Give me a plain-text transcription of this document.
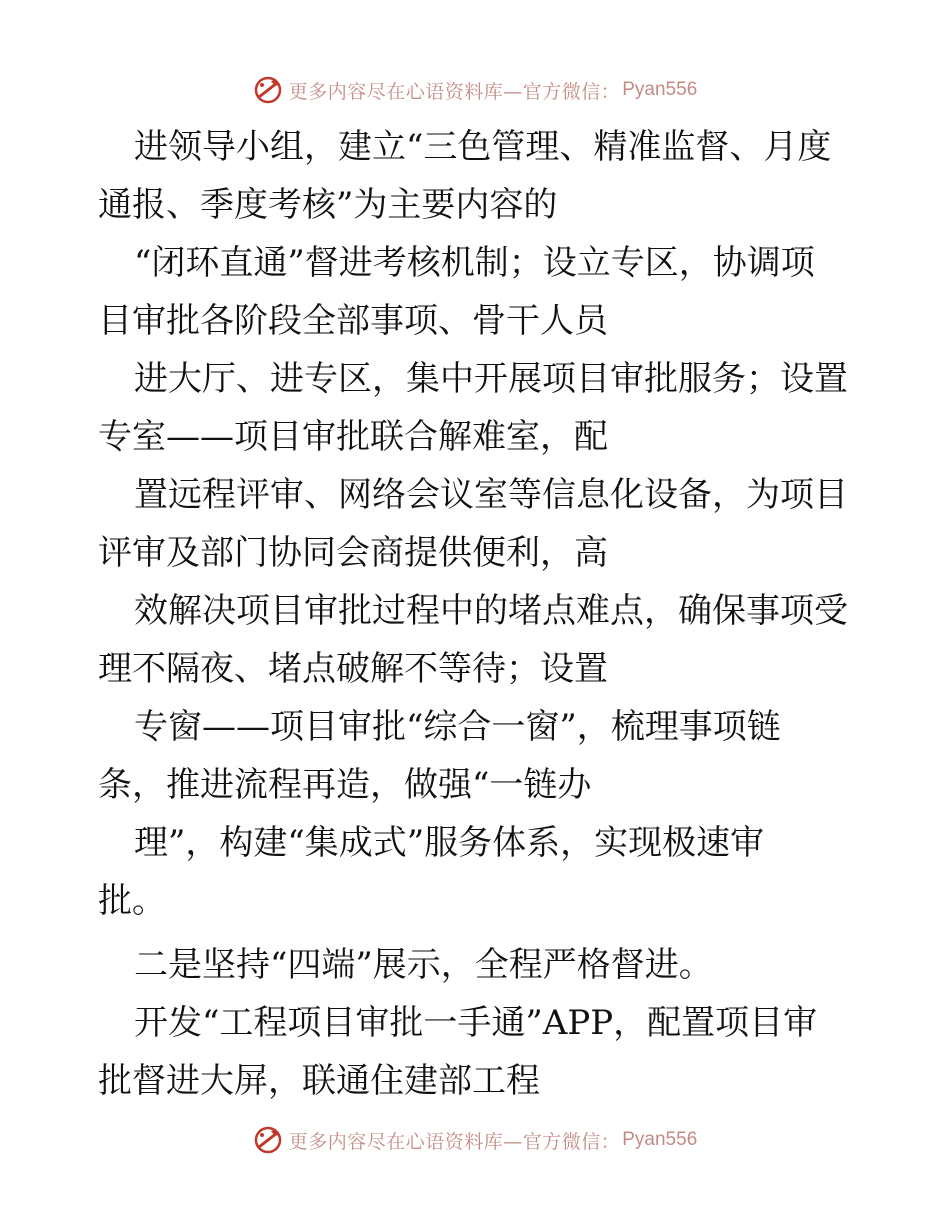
更多内容尽在心语资料库—官方微信： Pyan556
进领导小组，建立“三色管理、精准监督、月度
通报、季度考核”为主要内容的
“闭环直通”督进考核机制；设立专区，协调项
目审批各阶段全部事项、骨干人员
进大厅、进专区，集中开展项目审批服务；设置
专室——项目审批联合解难室，配
置远程评审、网络会议室等信息化设备，为项目
评审及部门协同会商提供便利，高
效解决项目审批过程中的堵点难点，确保事项受
理不隔夜、堵点破解不等待；设置
专窗——项目审批“综合一窗”，梳理事项链
条，推进流程再造，做强“一链办
理”，构建“集成式”服务体系，实现极速审
批。
二是坚持“四端”展示，全程严格督进。
开发“工程项目审批一手通”APP，配置项目审
批督进大屏，联通住建部工程
更多内容尽在心语资料库—官方微信： Pyan556
